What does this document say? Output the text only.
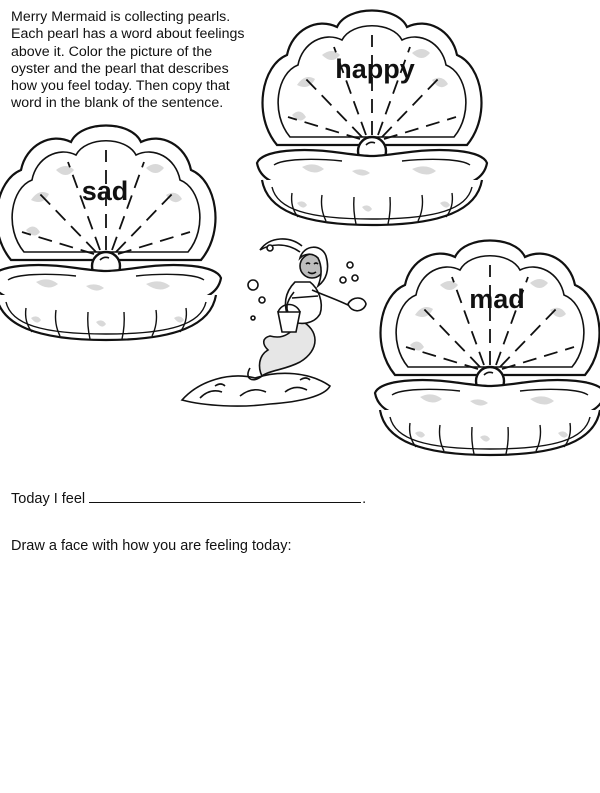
Merry Mermaid is collecting pearls.
Each pearl has a word about feelings
above it. Color the picture of the
oyster and the pearl that describes
how you feel today. Then copy that
word in the blank of the sentence.

sad
happy
mad
Today I feel	.
Draw a face with how you are feeling today:
